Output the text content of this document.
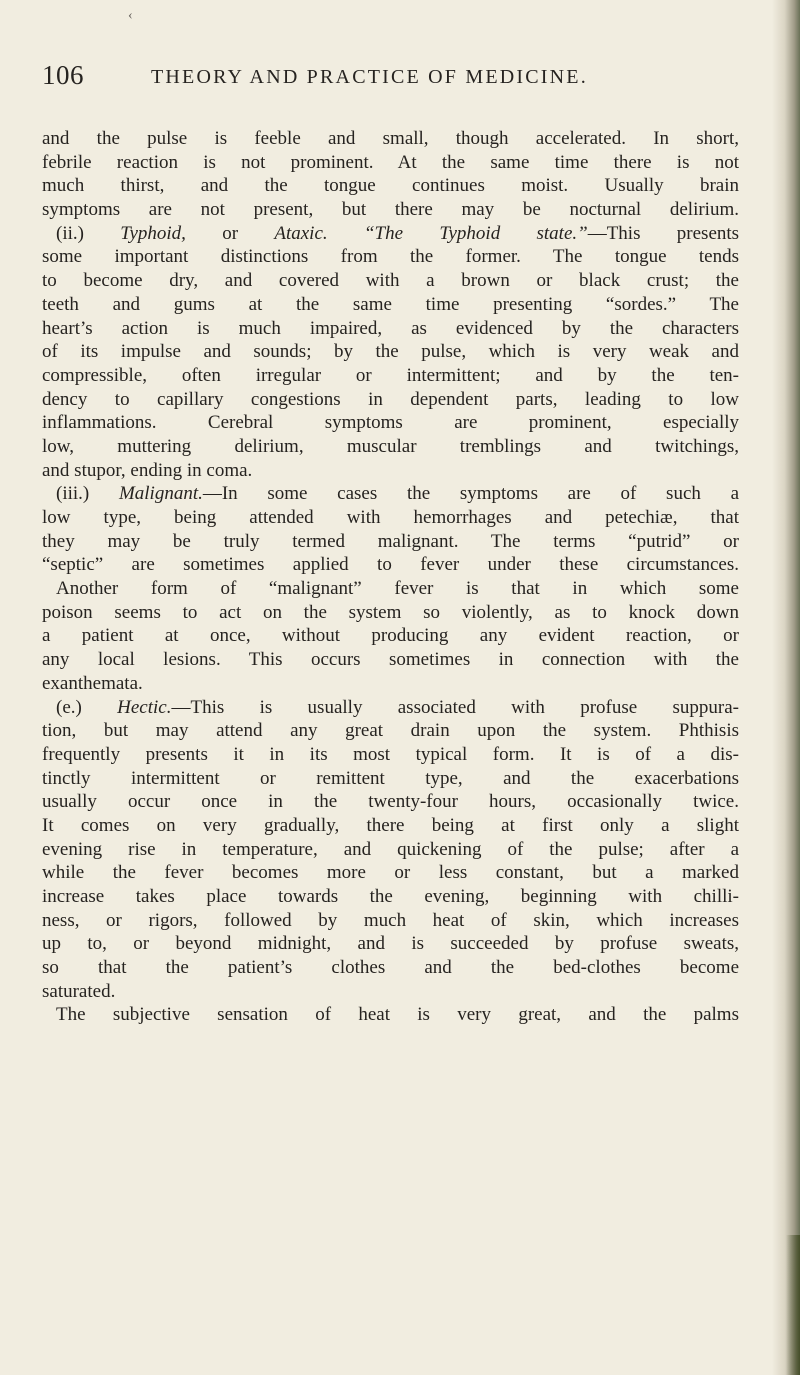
‹
106	THEORY AND PRACTICE OF MEDICINE.
and the pulse is feeble and small, though accelerated. In short,
febrile reaction is not prominent. At the same time there is not
much thirst, and the tongue continues moist. Usually brain
symptoms are not present, but there may be nocturnal delirium.
(ii.) Typhoid, or Ataxic. “The Typhoid state.”—This presents
some important distinctions from the former. The tongue tends
to become dry, and covered with a brown or black crust; the
teeth and gums at the same time presenting “sordes.” The
heart’s action is much impaired, as evidenced by the characters
of its impulse and sounds; by the pulse, which is very weak and
compressible, often irregular or intermittent; and by the ten-
dency to capillary congestions in dependent parts, leading to low
inflammations. Cerebral symptoms are prominent, especially
low, muttering delirium, muscular tremblings and twitchings,
and stupor, ending in coma.
(iii.) Malignant.—In some cases the symptoms are of such a
low type, being attended with hemorrhages and petechiæ, that
they may be truly termed malignant. The terms “putrid” or
“septic” are sometimes applied to fever under these circumstances.
Another form of “malignant” fever is that in which some
poison seems to act on the system so violently, as to knock down
a patient at once, without producing any evident reaction, or
any local lesions. This occurs sometimes in connection with the
exanthemata.
(e.) Hectic.—This is usually associated with profuse suppura-
tion, but may attend any great drain upon the system. Phthisis
frequently presents it in its most typical form. It is of a dis-
tinctly intermittent or remittent type, and the exacerbations
usually occur once in the twenty-four hours, occasionally twice.
It comes on very gradually, there being at first only a slight
evening rise in temperature, and quickening of the pulse; after a
while the fever becomes more or less constant, but a marked
increase takes place towards the evening, beginning with chilli-
ness, or rigors, followed by much heat of skin, which increases
up to, or beyond midnight, and is succeeded by profuse sweats,
so that the patient’s clothes and the bed-clothes become
saturated.
The subjective sensation of heat is very great, and the palms
